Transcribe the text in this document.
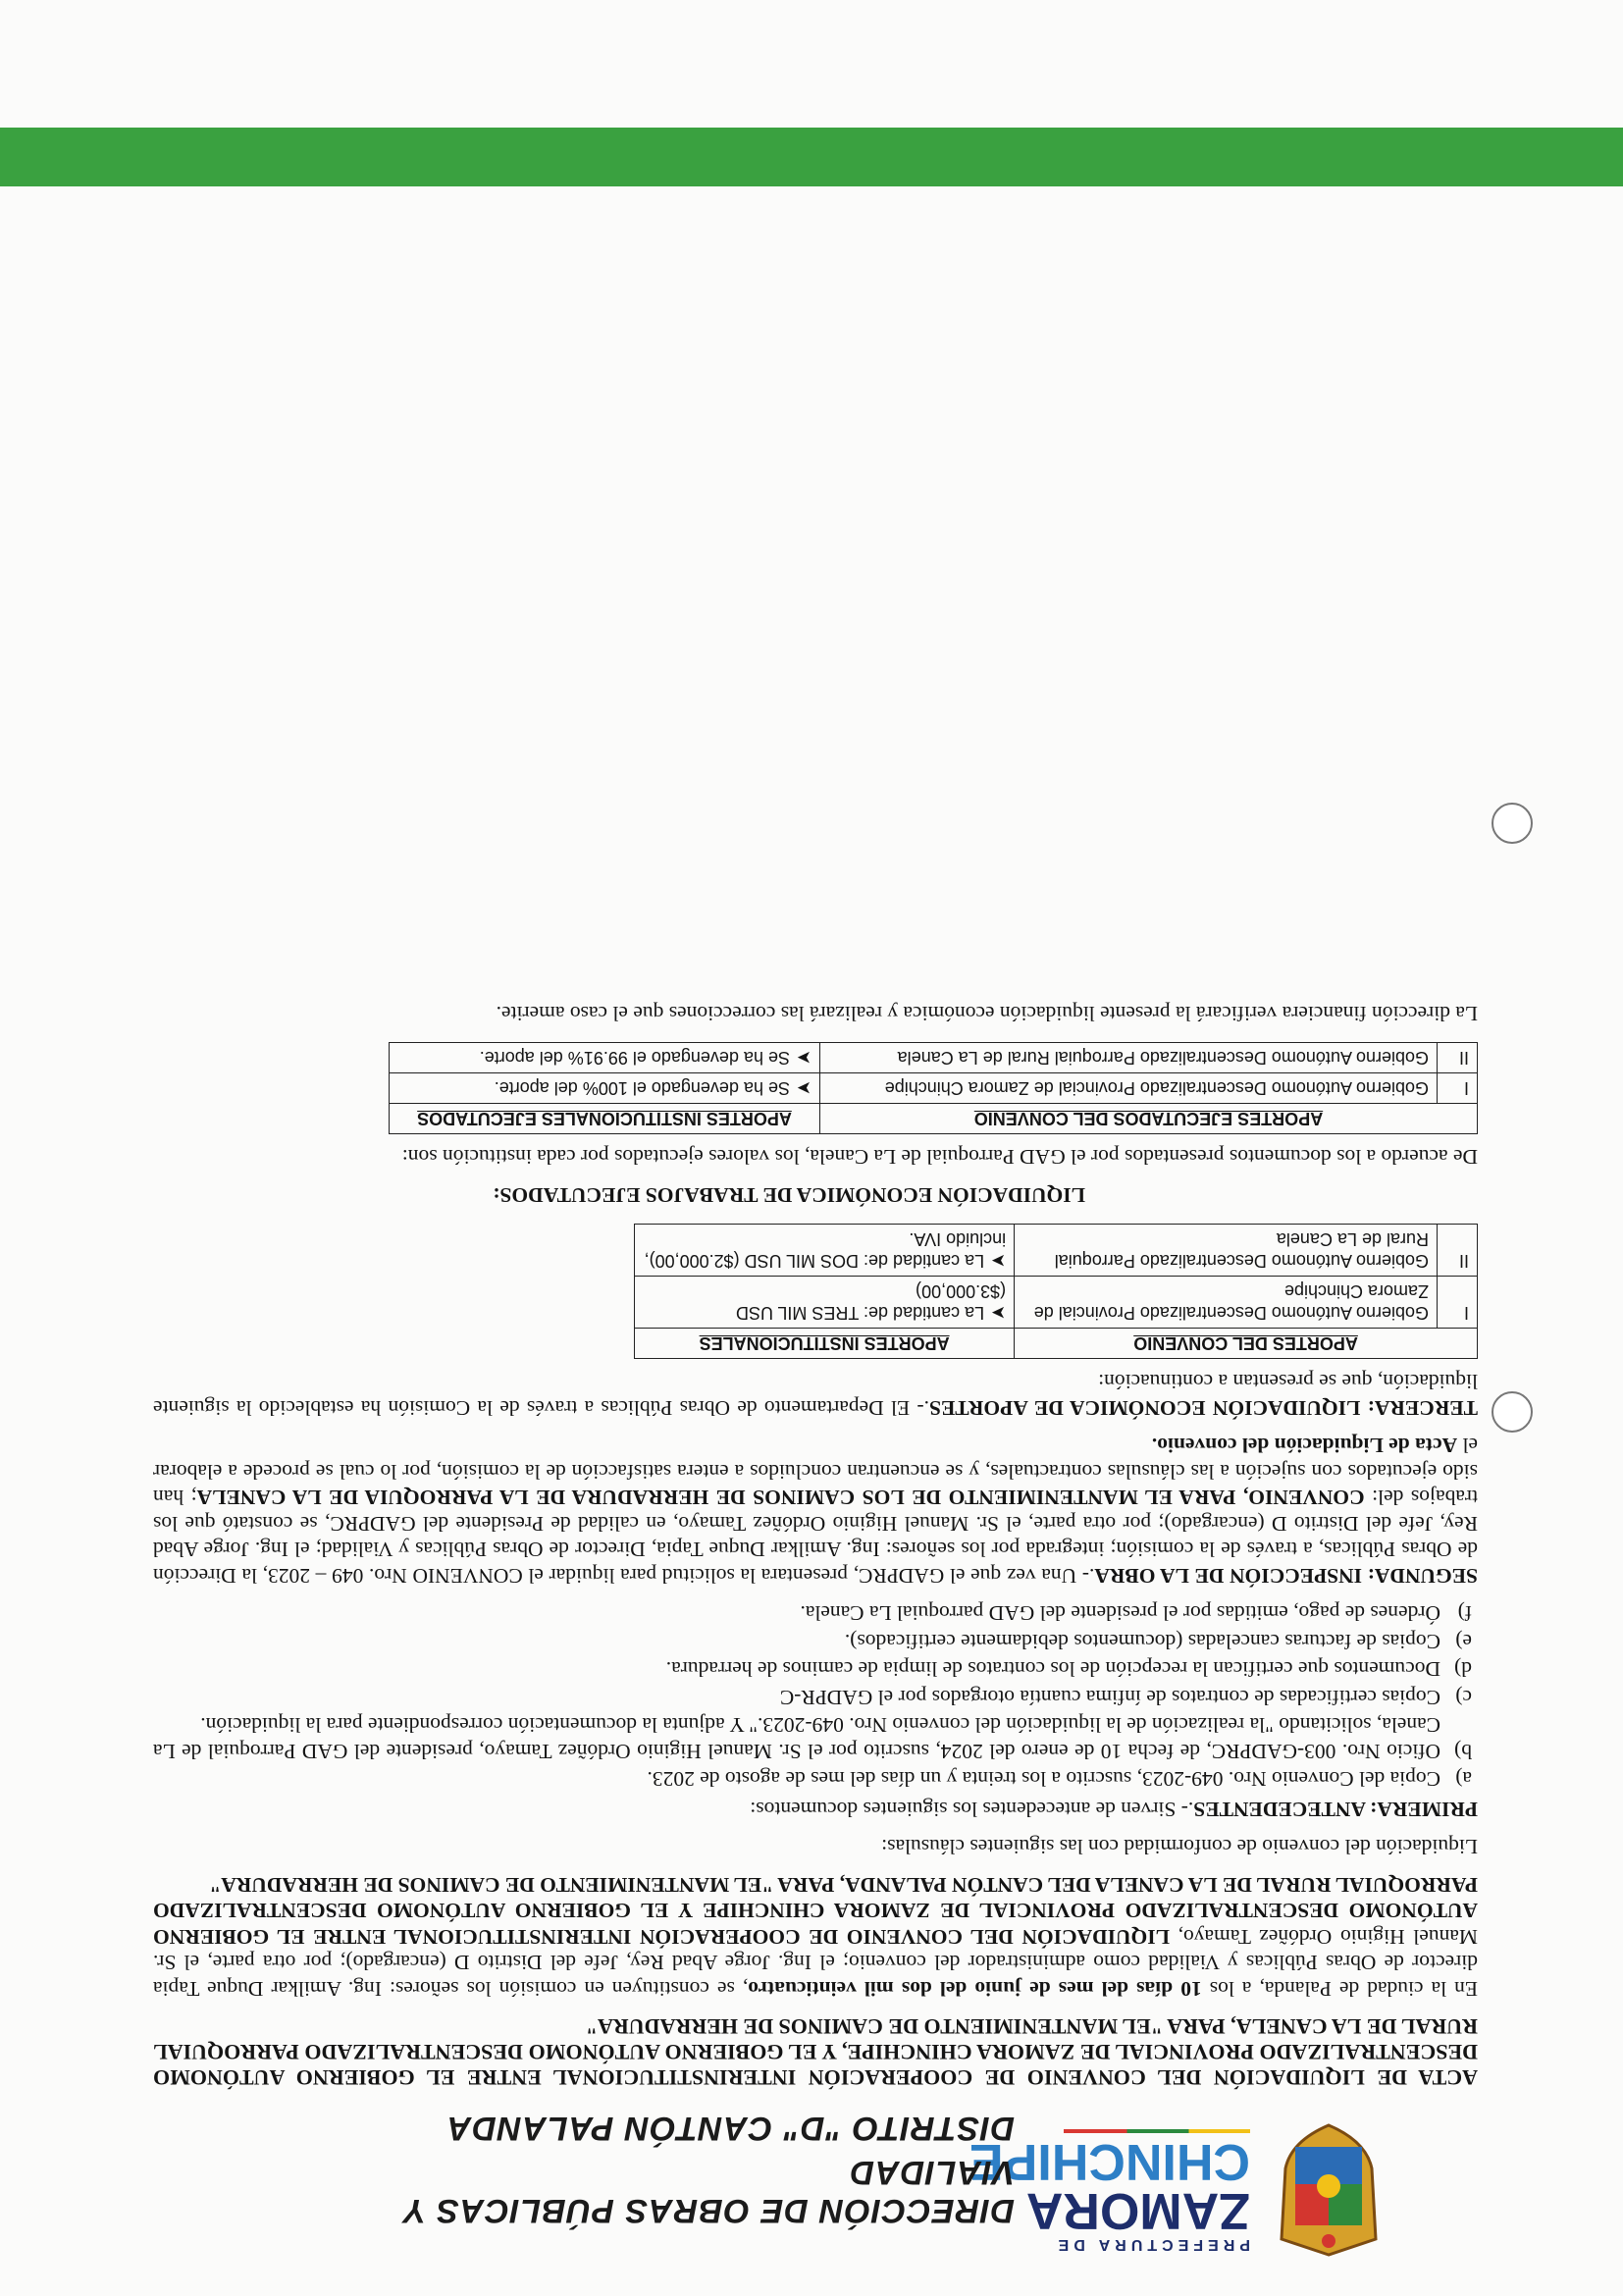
PREFECTURA DE
ZAMORA
CHINCHIPE
DIRECCIÓN DE OBRAS PÚBLICAS Y VIALIDAD
DISTRITO "D" CANTÓN PALANDA

ACTA DE LIQUIDACIÓN DEL CONVENIO DE COOPERACIÓN INTERINSTITUCIONAL ENTRE EL GOBIERNO AUTÓNOMO DESCENTRALIZADO PROVINCIAL DE ZAMORA CHINCHIPE, Y EL GOBIERNO AUTÓNOMO DESCENTRALIZADO PARROQUIAL RURAL DE LA CANELA, PARA "EL MANTENIMIENTO DE CAMINOS DE HERRADURA"

En la ciudad de Palanda, a los 10 días del mes de junio del dos mil veinticuatro, se constituyen en comisión los señores: Ing. Amilkar Duque Tapia director de Obras Públicas y Vialidad como administrador del convenio; el Ing. Jorge Abad Rey, Jefe del Distrito D (encargado); por otra parte, el Sr. Manuel Higinio Ordóñez Tamayo, LIQUIDACIÓN DEL CONVENIO DE COOPERACIÓN INTERINSTITUCIONAL ENTRE EL GOBIERNO AUTÓNOMO DESCENTRALIZADO PROVINCIAL DE ZAMORA CHINCHIPE Y EL GOBIERNO AUTÓNOMO DESCENTRALIZADO PARROQUIAL RURAL DE LA CANELA DEL CANTÓN PALANDA, PARA "EL MANTENIMIENTO DE CAMINOS DE HERRADURA"

Liquidación del convenio de conformidad con las siguientes cláusulas:

PRIMERA: ANTECEDENTES.- Sirven de antecedentes los siguientes documentos:

a)
Copia del Convenio Nro. 049-2023, suscrito a los treinta y un días del mes de agosto de 2023.
b)
Oficio Nro. 003-GADPRC, de fecha 10 de enero del 2024, suscrito por el Sr. Manuel Higinio Ordóñez Tamayo, presidente del GAD Parroquial de La Canela, solicitando "la realización de la liquidación del convenio Nro. 049-2023." Y adjunta la documentación correspondiente para la liquidación.
c)
Copias certificadas de contratos de ínfima cuantía otorgados por el GADPR-C
d)
Documentos que certifican la recepción de los contratos de limpia de caminos de herradura.
e)
Copias de facturas canceladas (documentos debidamente certificados).
f)
Órdenes de pago, emitidas por el presidente del GAD parroquial La Canela.

SEGUNDA: INSPECCIÓN DE LA OBRA.- Una vez que el GADPRC, presentara la solicitud para liquidar el CONVENIO Nro. 049 – 2023, la Dirección de Obras Públicas, a través de la comisión; integrada por los señores: Ing. Amilkar Duque Tapia, Director de Obras Públicas y Vialidad; el Ing. Jorge Abad Rey, Jefe del Distrito D (encargado); por otra parte, el Sr. Manuel Higinio Ordóñez Tamayo, en calidad de Presidente del GADPRC, se constató que los trabajos del: CONVENIO, PARA EL MANTENIMIENTO DE LOS CAMINOS DE HERRADURA DE LA PARROQUIA DE LA CANELA; han sido ejecutados con sujeción a las cláusulas contractuales, y se encuentran concluidos a entera satisfacción de la comisión, por lo cual se procede a elaborar el Acta de Liquidación del convenio.

TERCERA: LIQUIDACIÓN ECONÓMICA DE APORTES.- El Departamento de Obras Públicas a través de la Comisión ha establecido la siguiente liquidación, que se presentan a continuación:

APORTES DEL CONVENIO		APORTES INSTITUCIONALES
I	Gobierno Autónomo Descentralizado Provincial de Zamora Chinchipe	➤La cantidad de: TRES MIL USD ($3.000,00)
II	Gobierno Autónomo Descentralizado Parroquial Rural de La Canela	➤La cantidad de: DOS MIL USD ($2.000,00), incluido IVA.

LIQUIDACIÓN ECONÓMICA DE TRABAJOS EJECUTADOS:

De acuerdo a los documentos presentados por el GAD Parroquial de La Canela, los valores ejecutados por cada institución son:

APORTES EJECUTADOS DEL CONVENIO		APORTES INSTITUCIONALES EJECUTADOS
I	Gobierno Autónomo Descentralizado Provincial de Zamora Chinchipe	➤Se ha devengado el 100% del aporte.
II	Gobierno Autónomo Descentralizado Parroquial Rural de La Canela	➤Se ha devengado el 99.91% del aporte.

La dirección financiera verificará la presente liquidación económica y realizará las correcciones que el caso amerite.
